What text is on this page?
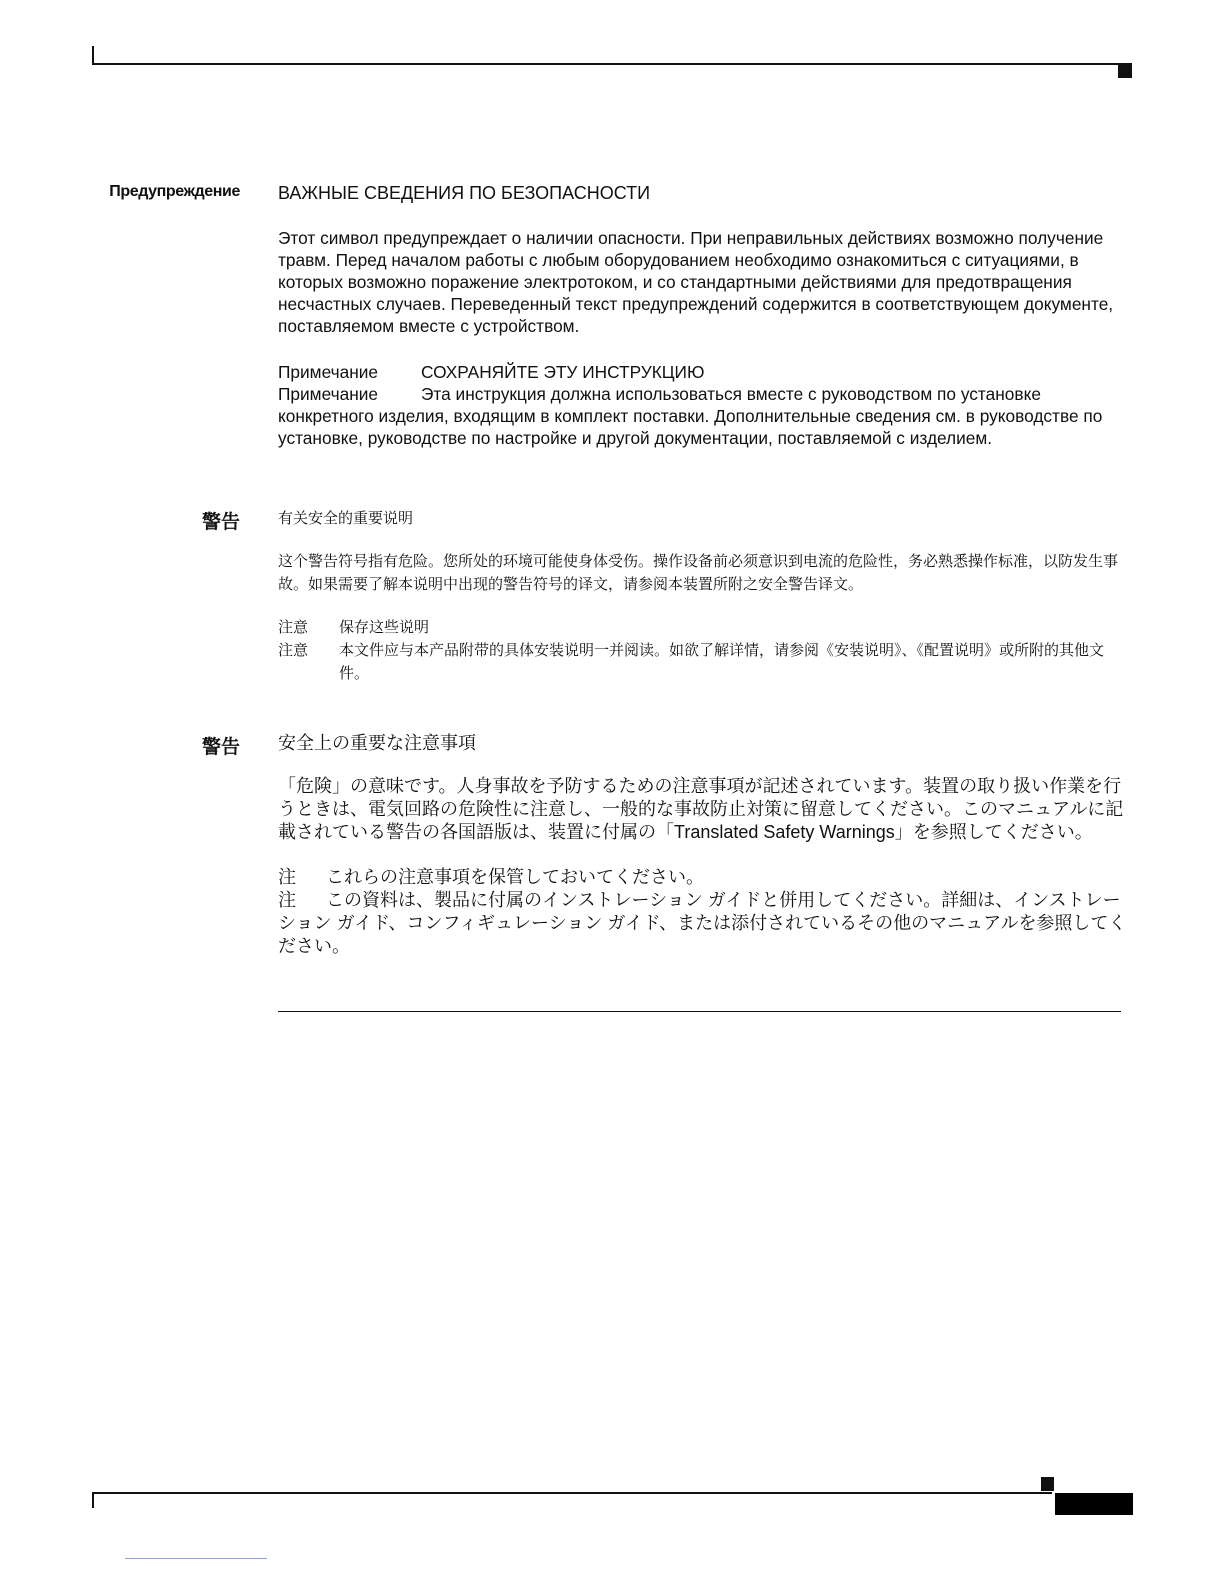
Предупреждение ВАЖНЫЕ СВЕДЕНИЯ ПО БЕЗОПАСНОСТИ

Этот символ предупреждает о наличии опасности. При неправильных действиях возможно получение травм. Перед началом работы с любым оборудованием необходимо ознакомиться с ситуациями, в которых возможно поражение электротоком, и со стандартными действиями для предотвращения несчастных случаев. Переведенный текст предупреждений содержится в соответствующем документе, поставляемом вместе с устройством.

Примечание	СОХРАНЯЙТЕ ЭТУ ИНСТРУКЦИЮ
Примечание	Эта инструкция должна использоваться вместе с руководством по установке
конкретного изделия, входящим в комплект поставки. Дополнительные сведения см. в руководстве по установке, руководстве по настройке и другой документации, поставляемой с изделием.
警告	有关安全的重要说明

这个警告符号指有危险。您所处的环境可能使身体受伤。操作设备前必须意识到电流的危险性，务必熟悉操作标准，以防发生事故。如果需要了解本说明中出现的警告符号的译文，请参阅本装置所附之安全警告译文。

注意	保存这些说明
注意	本文件应与本产品附带的具体安装说明一并阅读。如欲了解详情，请参阅《安装说明》、《配置说明》或所附的其他文件。
警告 安全上の重要な注意事項

「危険」の意味です。人身事故を予防するための注意事項が記述されています。装置の取り扱い作業を行うときは、電気回路の危険性に注意し、一般的な事故防止対策に留意してください。このマニュアルに記載されている警告の各国語版は、装置に付属の「Translated Safety Warnings」を参照してください。

注	これらの注意事項を保管しておいてください。
注 この資料は、製品に付属のインストレーション ガイドと併用してください。詳細は、インストレーション ガイド、コンフィギュレーション ガイド、または添付されているその他のマニュアルを参照してください。
